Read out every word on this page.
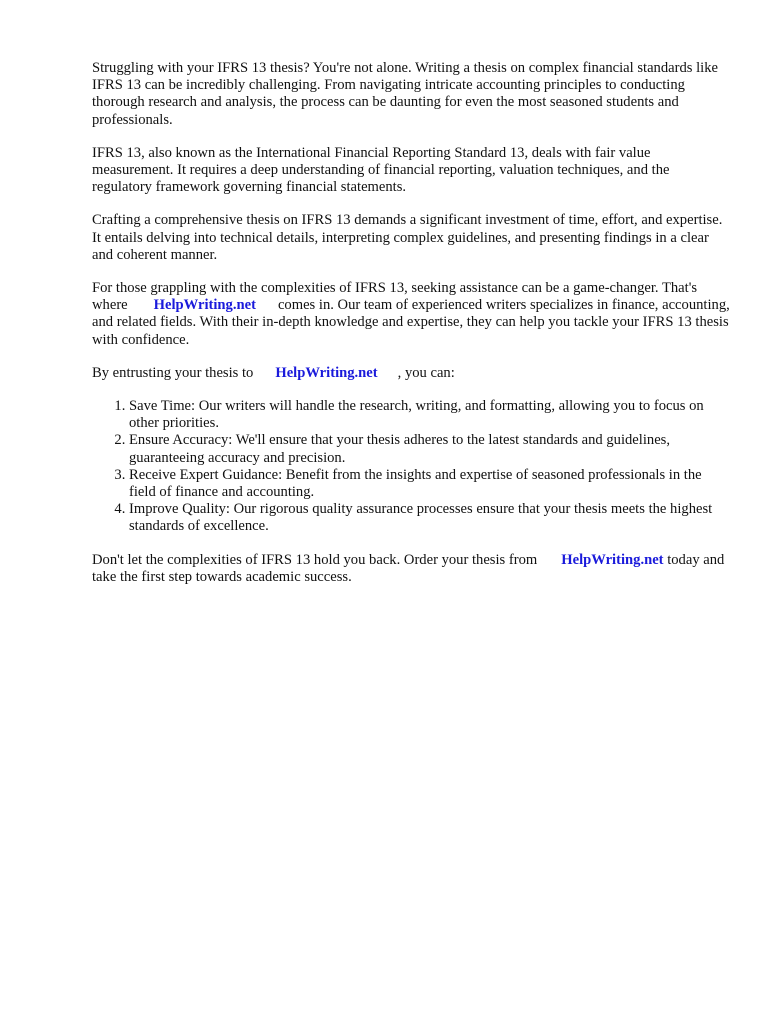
Struggling with your IFRS 13 thesis? You're not alone. Writing a thesis on complex financial standards like IFRS 13 can be incredibly challenging. From navigating intricate accounting principles to conducting thorough research and analysis, the process can be daunting for even the most seasoned students and professionals.

IFRS 13, also known as the International Financial Reporting Standard 13, deals with fair value measurement. It requires a deep understanding of financial reporting, valuation techniques, and the regulatory framework governing financial statements.

Crafting a comprehensive thesis on IFRS 13 demands a significant investment of time, effort, and expertise. It entails delving into technical details, interpreting complex guidelines, and presenting findings in a clear and coherent manner.

For those grappling with the complexities of IFRS 13, seeking assistance can be a game-changer. That's where HelpWriting.net comes in. Our team of experienced writers specializes in finance, accounting, and related fields. With their in-depth knowledge and expertise, they can help you tackle your IFRS 13 thesis with confidence.

By entrusting your thesis to HelpWriting.net , you can:

1. Save Time: Our writers will handle the research, writing, and formatting, allowing you to focus on other priorities.
2. Ensure Accuracy: We'll ensure that your thesis adheres to the latest standards and guidelines, guaranteeing accuracy and precision.
3. Receive Expert Guidance: Benefit from the insights and expertise of seasoned professionals in the field of finance and accounting.
4. Improve Quality: Our rigorous quality assurance processes ensure that your thesis meets the highest standards of excellence.

Don't let the complexities of IFRS 13 hold you back. Order your thesis from HelpWriting.net today and take the first step towards academic success.
